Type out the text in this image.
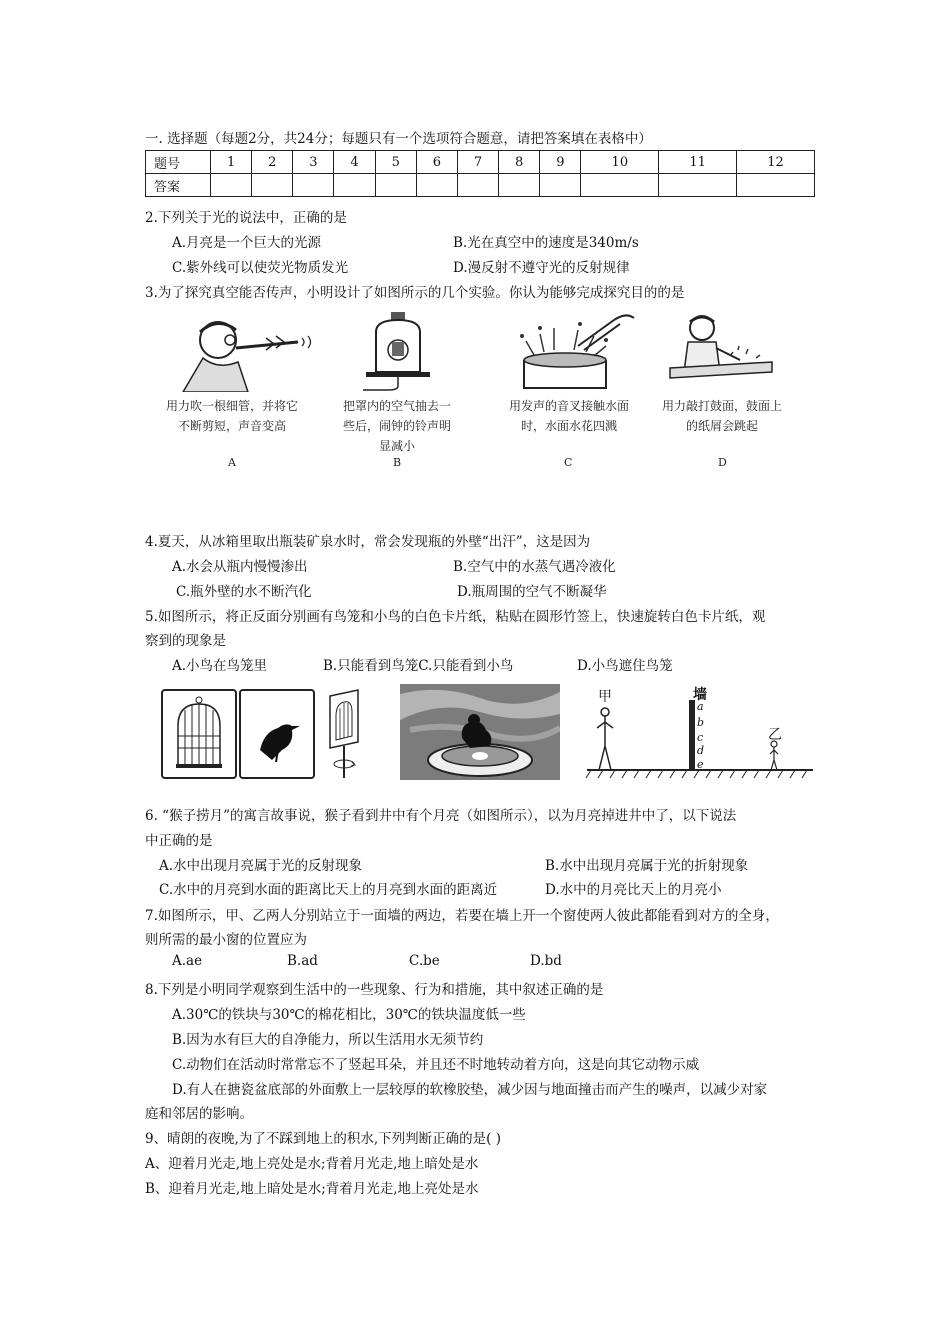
一. 选择题（每题2分，共24分；每题只有一个选项符合题意，请把答案填在表格中）
题号	1	2	3	4	5	6	7	8	9	10	11	12
答案												
2.下列关于光的说法中，正确的是
A.月亮是一个巨大的光源	B.光在真空中的速度是340m/s
C.紫外线可以使荧光物质发光	D.漫反射不遵守光的反射规律
3.为了探究真空能否传声，小明设计了如图所示的几个实验。你认为能够完成探究目的的是
用力吹一根细管，并将它不断剪短，声音变高
A
把罩内的空气抽去一些后，闹钟的铃声明显减小
B
用发声的音叉接触水面时，水面水花四溅
C
用力敲打鼓面，鼓面上的纸屑会跳起
D
4.夏天，从冰箱里取出瓶装矿泉水时，常会发现瓶的外壁“出汗”，这是因为
A.水会从瓶内慢慢渗出	B.空气中的水蒸气遇冷液化
C.瓶外壁的水不断汽化	D.瓶周围的空气不断凝华
5.如图所示，将正反面分别画有鸟笼和小鸟的白色卡片纸，粘贴在圆形竹签上，快速旋转白色卡片纸，观
察到的现象是
A.小鸟在鸟笼里	B.只能看到鸟笼C.只能看到小鸟	D.小鸟遮住鸟笼
甲	墙
乙
a
b
c
d
e
6. “猴子捞月”的寓言故事说，猴子看到井中有个月亮（如图所示），以为月亮掉进井中了，以下说法
中正确的是
A.水中出现月亮属于光的反射现象	B.水中出现月亮属于光的折射现象
C.水中的月亮到水面的距离比天上的月亮到水面的距离近	D.水中的月亮比天上的月亮小
7.如图所示，甲、乙两人分别站立于一面墙的两边，若要在墙上开一个窗使两人彼此都能看到对方的全身，
则所需的最小窗的位置应为
A.ae	B.ad	C.be	D.bd
8.下列是小明同学观察到生活中的一些现象、行为和措施，其中叙述正确的是
A.30℃的铁块与30℃的棉花相比，30℃的铁块温度低一些
B.因为水有巨大的自净能力，所以生活用水无须节约
C.动物们在活动时常常忘不了竖起耳朵，并且还不时地转动着方向，这是向其它动物示威
D.有人在搪瓷盆底部的外面敷上一层较厚的软橡胶垫，减少因与地面撞击而产生的噪声，以减少对家
庭和邻居的影响。
9、晴朗的夜晚,为了不踩到地上的积水,下列判断正确的是( )
A、迎着月光走,地上亮处是水;背着月光走,地上暗处是水
B、迎着月光走,地上暗处是水;背着月光走,地上亮处是水
